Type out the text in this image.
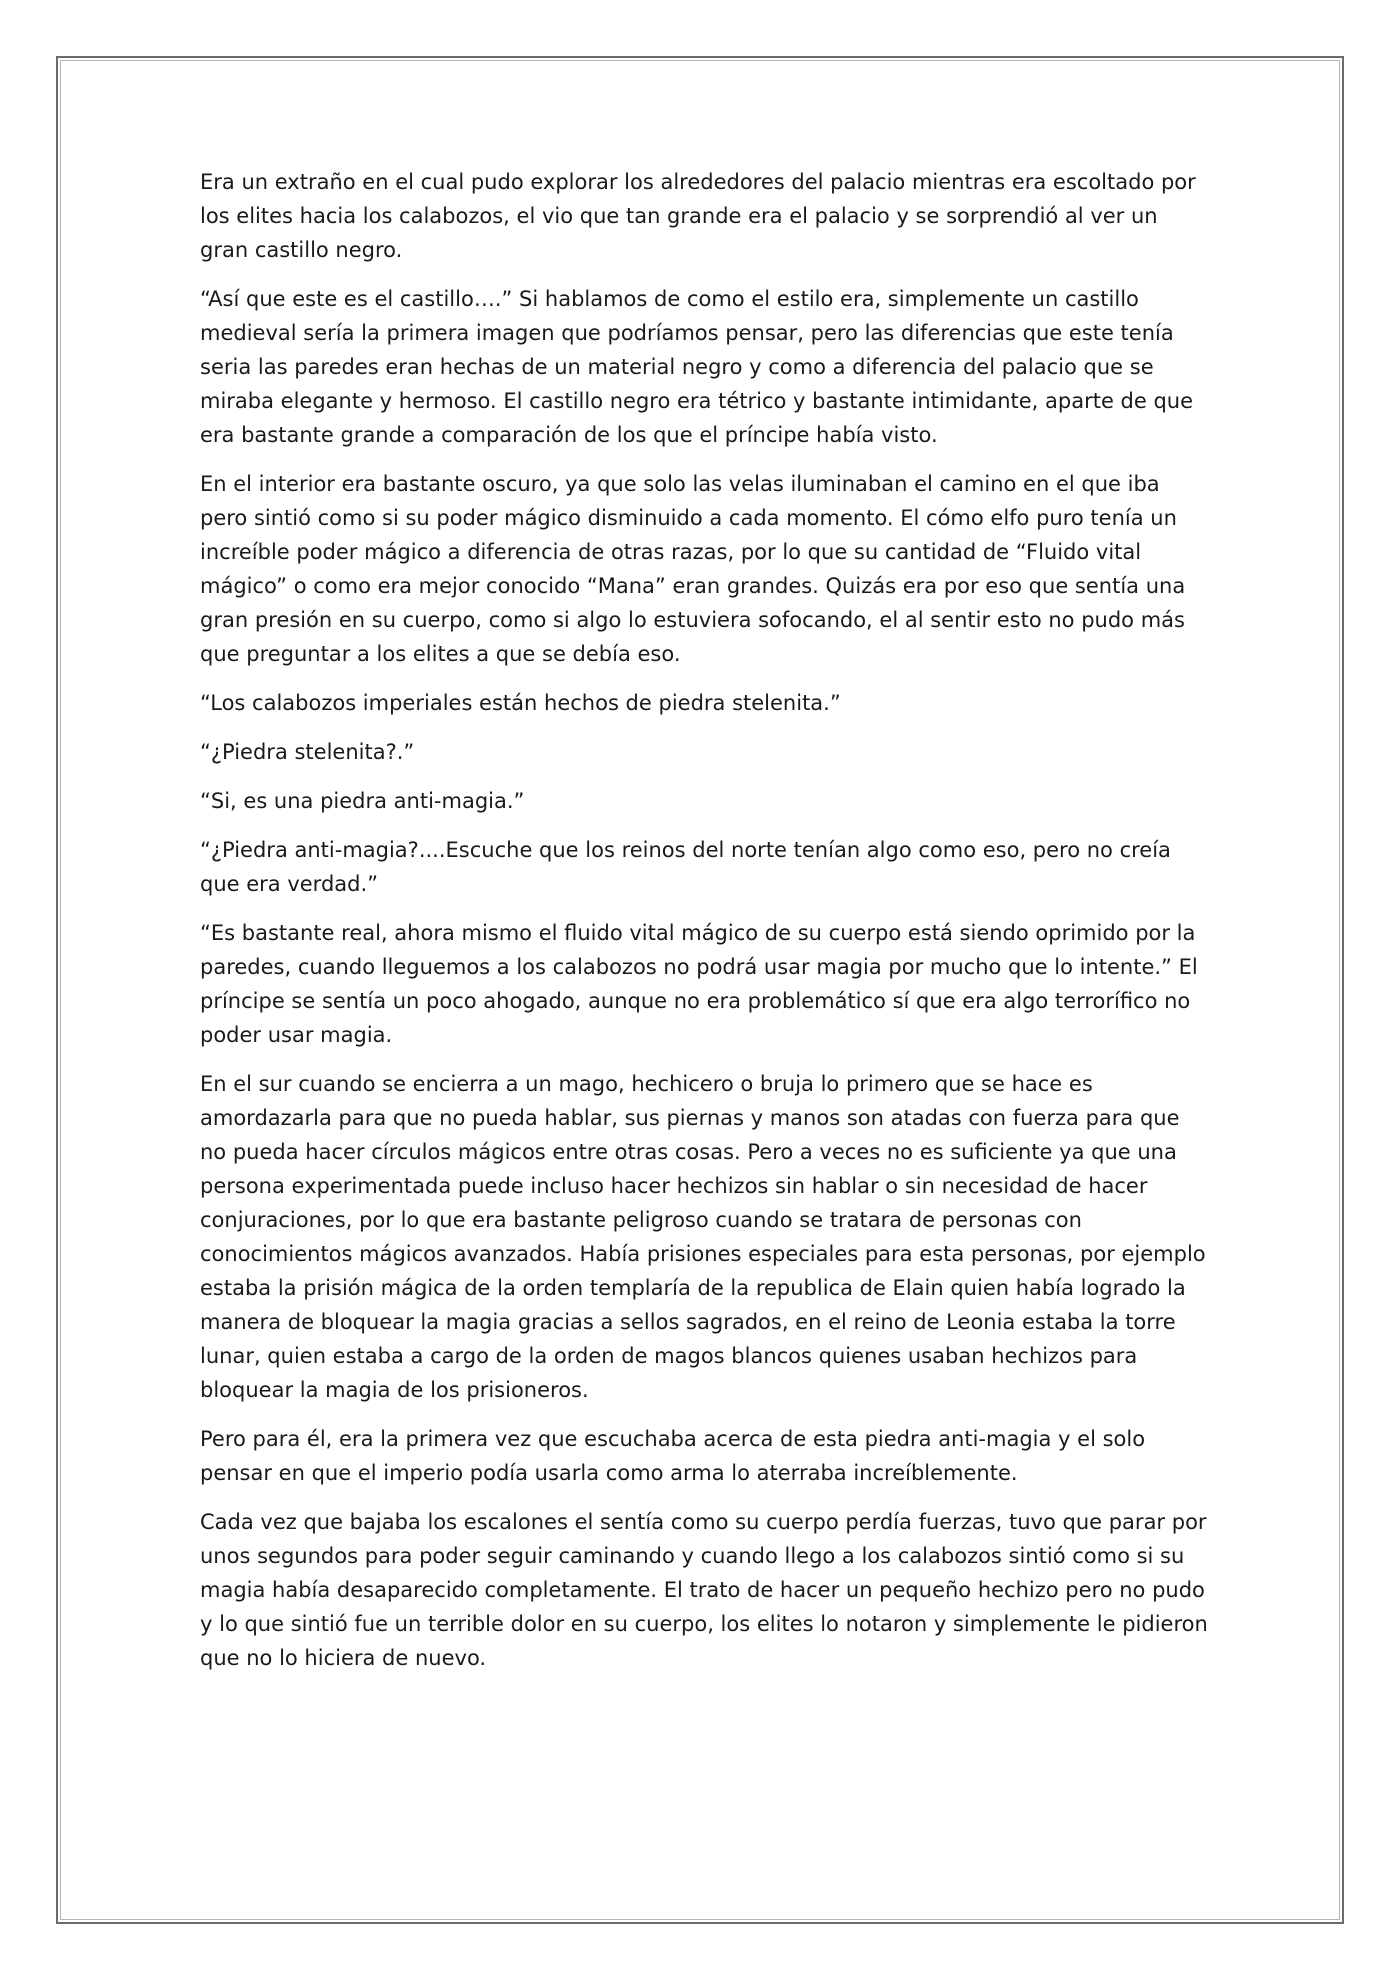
Era un extraño en el cual pudo explorar los alrededores del palacio mientras era escoltado por los elites hacia los calabozos, el vio que tan grande era el palacio y se sorprendió al ver un gran castillo negro.

“Así que este es el castillo….” Si hablamos de como el estilo era, simplemente un castillo medieval sería la primera imagen que podríamos pensar, pero las diferencias que este tenía seria las paredes eran hechas de un material negro y como a diferencia del palacio que se miraba elegante y hermoso. El castillo negro era tétrico y bastante intimidante, aparte de que era bastante grande a comparación de los que el príncipe había visto.

En el interior era bastante oscuro, ya que solo las velas iluminaban el camino en el que iba pero sintió como si su poder mágico disminuido a cada momento. El cómo elfo puro tenía un increíble poder mágico a diferencia de otras razas, por lo que su cantidad de “Fluido vital mágico” o como era mejor conocido “Mana” eran grandes. Quizás era por eso que sentía una gran presión en su cuerpo, como si algo lo estuviera sofocando, el al sentir esto no pudo más que preguntar a los elites a que se debía eso.

“Los calabozos imperiales están hechos de piedra stelenita.”

“¿Piedra stelenita?.”

“Si, es una piedra anti-magia.”

“¿Piedra anti-magia?....Escuche que los reinos del norte tenían algo como eso, pero no creía que era verdad.”

“Es bastante real, ahora mismo el fluido vital mágico de su cuerpo está siendo oprimido por la paredes, cuando lleguemos a los calabozos no podrá usar magia por mucho que lo intente.” El príncipe se sentía un poco ahogado, aunque no era problemático sí que era algo terrorífico no poder usar magia.

En el sur cuando se encierra a un mago, hechicero o bruja lo primero que se hace es amordazarla para que no pueda hablar, sus piernas y manos son atadas con fuerza para que no pueda hacer círculos mágicos entre otras cosas. Pero a veces no es suficiente ya que una persona experimentada puede incluso hacer hechizos sin hablar o sin necesidad de hacer conjuraciones, por lo que era bastante peligroso cuando se tratara de personas con conocimientos mágicos avanzados. Había prisiones especiales para esta personas, por ejemplo estaba la prisión mágica de la orden templaría de la republica de Elain quien había logrado la manera de bloquear la magia gracias a sellos sagrados, en el reino de Leonia estaba la torre lunar, quien estaba a cargo de la orden de magos blancos quienes usaban hechizos para bloquear la magia de los prisioneros.

Pero para él, era la primera vez que escuchaba acerca de esta piedra anti-magia y el solo pensar en que el imperio podía usarla como arma lo aterraba increíblemente.

Cada vez que bajaba los escalones el sentía como su cuerpo perdía fuerzas, tuvo que parar por unos segundos para poder seguir caminando y cuando llego a los calabozos sintió como si su magia había desaparecido completamente. El trato de hacer un pequeño hechizo pero no pudo y lo que sintió fue un terrible dolor en su cuerpo, los elites lo notaron y simplemente le pidieron que no lo hiciera de nuevo.
